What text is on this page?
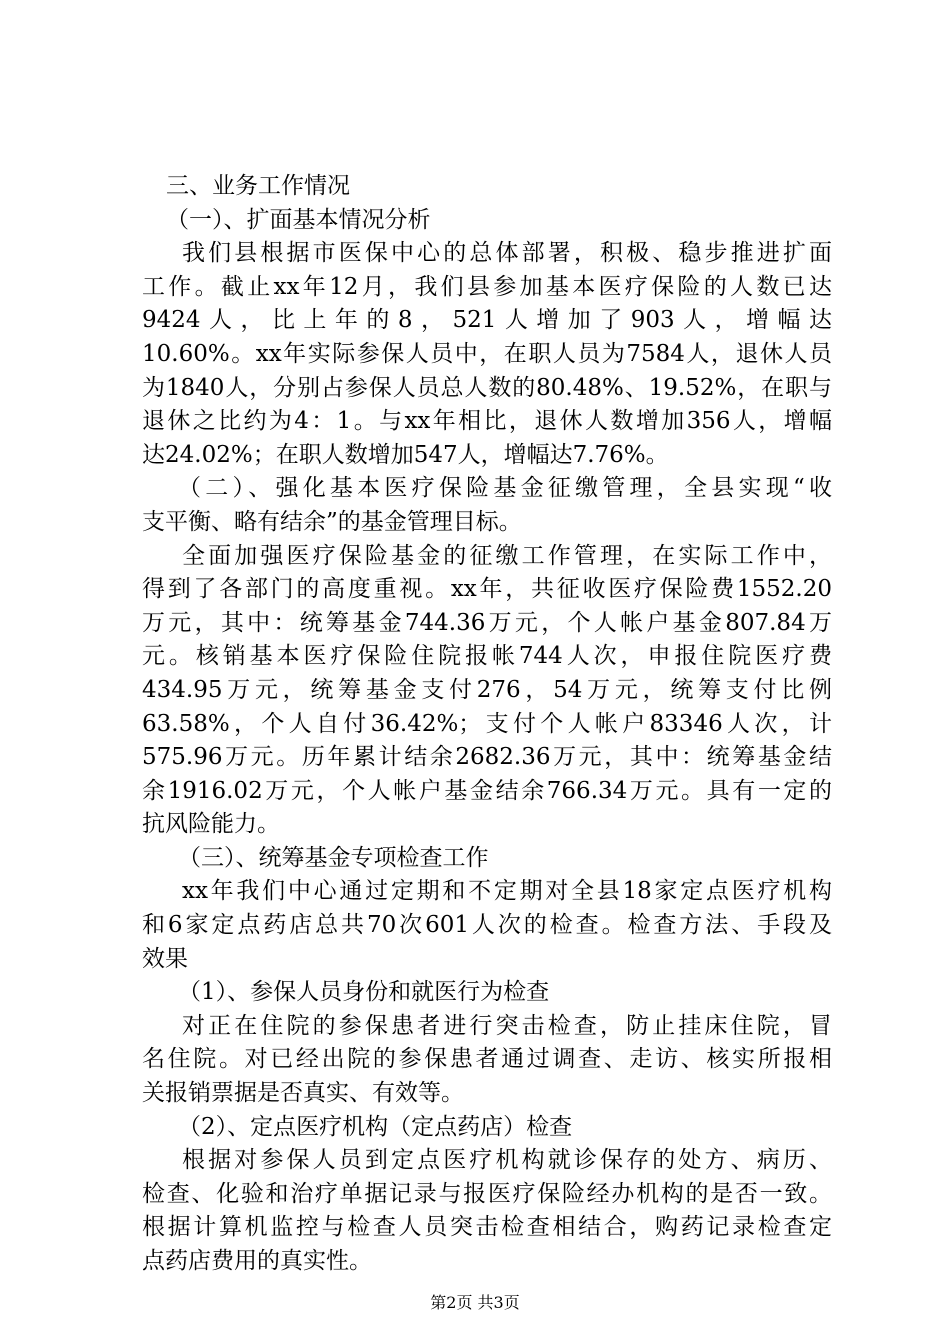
三、业务工作情况
（一）、扩面基本情况分析
我们县根据市医保中心的总体部署，积极、稳步推进扩面
工作。截止xx年12月，我们县参加基本医疗保险的人数已达
9424人，比上年的8，521人增加了903人，增幅达
10.60%。xx年实际参保人员中，在职人员为7584人，退休人员
为1840人，分别占参保人员总人数的80.48%、19.52%，在职与
退休之比约为4：1。与xx年相比，退休人数增加356人，增幅
达24.02%；在职人数增加547人，增幅达7.76%。
（二）、强化基本医疗保险基金征缴管理，全县实现“收
支平衡、略有结余”的基金管理目标。
全面加强医疗保险基金的征缴工作管理，在实际工作中，
得到了各部门的高度重视。xx年，共征收医疗保险费1552.20
万元，其中：统筹基金744.36万元，个人帐户基金807.84万
元。核销基本医疗保险住院报帐744人次，申报住院医疗费
434.95万元，统筹基金支付276，54万元，统筹支付比例
63.58%，个人自付36.42%；支付个人帐户83346人次，计
575.96万元。历年累计结余2682.36万元，其中：统筹基金结
余1916.02万元，个人帐户基金结余766.34万元。具有一定的
抗风险能力。
（三）、统筹基金专项检查工作
xx年我们中心通过定期和不定期对全县18家定点医疗机构
和6家定点药店总共70次601人次的检查。检查方法、手段及
效果
（1）、参保人员身份和就医行为检查
对正在住院的参保患者进行突击检查，防止挂床住院，冒
名住院。对已经出院的参保患者通过调查、走访、核实所报相
关报销票据是否真实、有效等。
（2）、定点医疗机构（定点药店）检查
根据对参保人员到定点医疗机构就诊保存的处方、病历、
检查、化验和治疗单据记录与报医疗保险经办机构的是否一致。
根据计算机监控与检查人员突击检查相结合，购药记录检查定
点药店费用的真实性。
第2页 共3页
